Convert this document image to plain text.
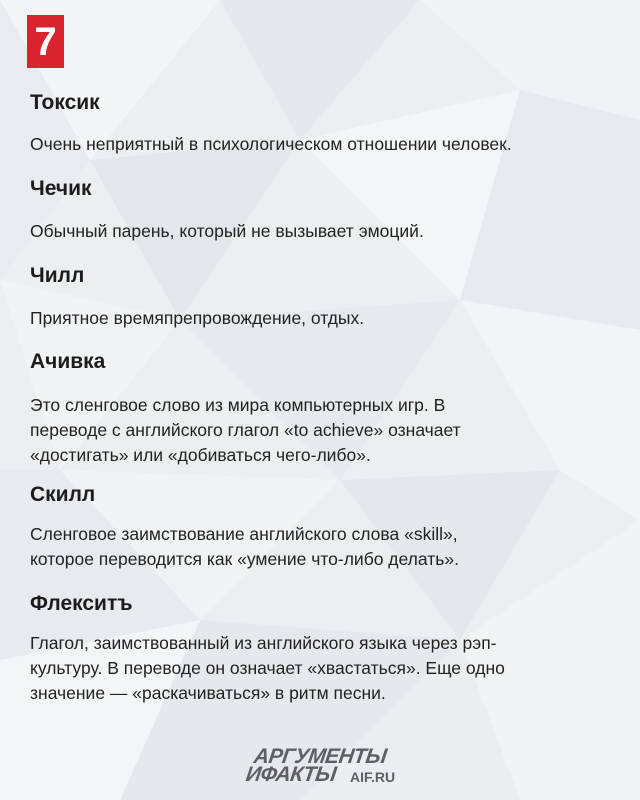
7

Токсик

Очень неприятный в психологическом отношении человек.

Чечик

Обычный парень, который не вызывает эмоций.

Чилл

Приятное времяпрепровождение, отдых.

Ачивка

Это сленговое слово из мира компьютерных игр. В
переводе с английского глагол «to achieve» означает
«достигать» или «добиваться чего-либо».

Скилл

Сленговое заимствование английского слова «skill»,
которое переводится как «умение что-либо делать».

Флекситъ

Глагол, заимствованный из английского языка через рэп-
культуру. В переводе он означает «хвастаться». Еще одно
значение — «раскачиваться» в ритм песни.
АРГУМЕНТЫ
ИФАКТЫ AIF.RU
